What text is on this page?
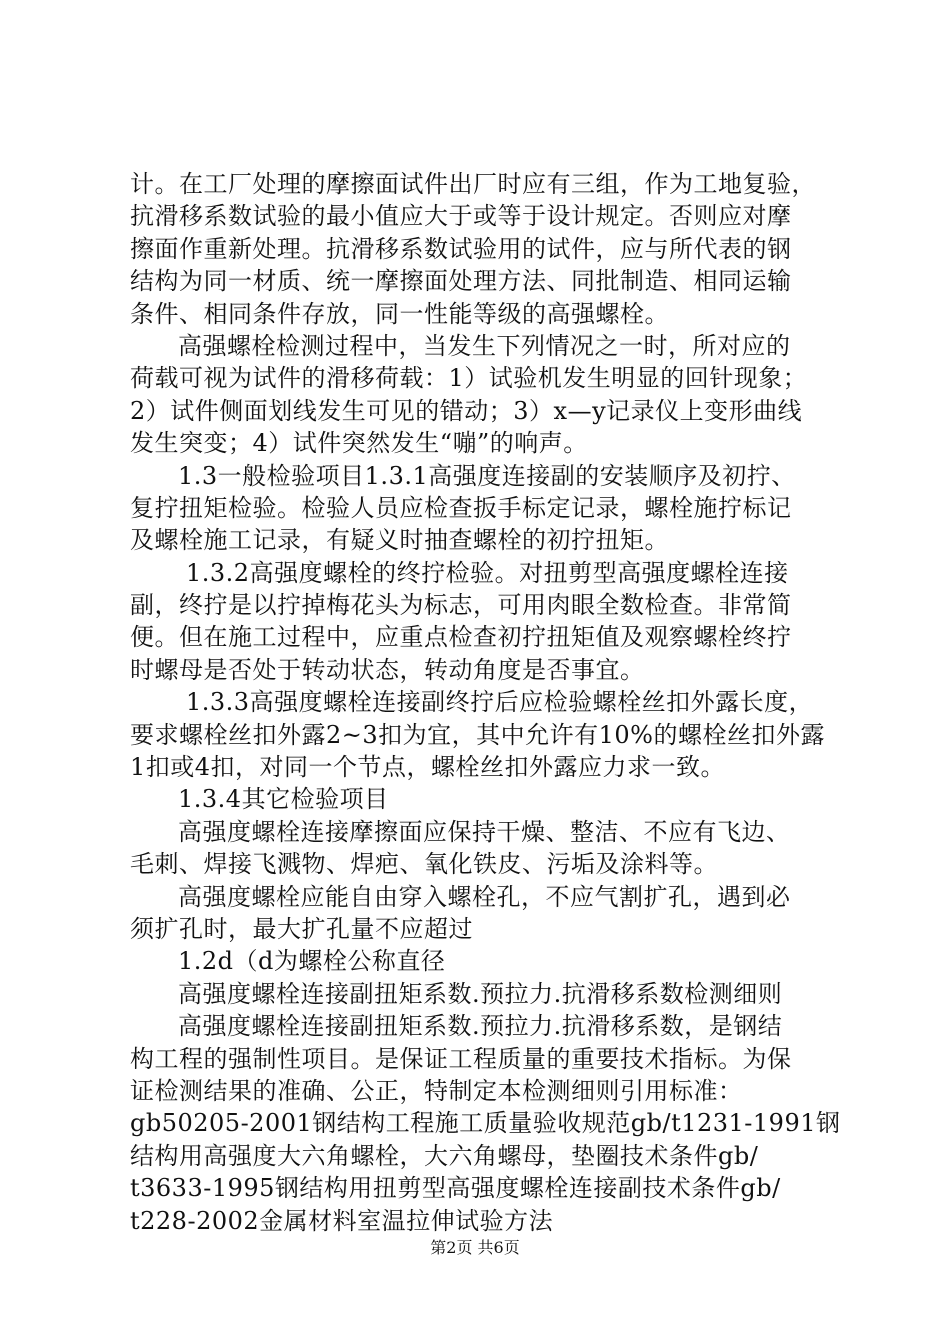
计。在工厂处理的摩擦面试件出厂时应有三组，作为工地复验，
抗滑移系数试验的最小值应大于或等于设计规定。否则应对摩
擦面作重新处理。抗滑移系数试验用的试件，应与所代表的钢
结构为同一材质、统一摩擦面处理方法、同批制造、相同运输
条件、相同条件存放，同一性能等级的高强螺栓。
高强螺栓检测过程中，当发生下列情况之一时，所对应的
荷载可视为试件的滑移荷载：1）试验机发生明显的回针现象；
2）试件侧面划线发生可见的错动；3）x—y记录仪上变形曲线
发生突变；4）试件突然发生“嘣”的响声。
1.3一般检验项目1.3.1高强度连接副的安装顺序及初拧、
复拧扭矩检验。检验人员应检查扳手标定记录，螺栓施拧标记
及螺栓施工记录，有疑义时抽查螺栓的初拧扭矩。
1.3.2高强度螺栓的终拧检验。对扭剪型高强度螺栓连接
副，终拧是以拧掉梅花头为标志，可用肉眼全数检查。非常简
便。但在施工过程中，应重点检查初拧扭矩值及观察螺栓终拧
时螺母是否处于转动状态，转动角度是否事宜。
1.3.3高强度螺栓连接副终拧后应检验螺栓丝扣外露长度，
要求螺栓丝扣外露2~3扣为宜，其中允许有10%的螺栓丝扣外露
1扣或4扣，对同一个节点，螺栓丝扣外露应力求一致。
1.3.4其它检验项目
高强度螺栓连接摩擦面应保持干燥、整洁、不应有飞边、
毛刺、焊接飞溅物、焊疤、氧化铁皮、污垢及涂料等。
高强度螺栓应能自由穿入螺栓孔，不应气割扩孔，遇到必
须扩孔时，最大扩孔量不应超过
1.2d（d为螺栓公称直径
高强度螺栓连接副扭矩系数.预拉力.抗滑移系数检测细则
高强度螺栓连接副扭矩系数.预拉力.抗滑移系数，是钢结
构工程的强制性项目。是保证工程质量的重要技术指标。为保
证检测结果的准确、公正，特制定本检测细则引用标准：
gb50205-2001钢结构工程施工质量验收规范gb/t1231-1991钢
结构用高强度大六角螺栓，大六角螺母，垫圈技术条件gb/
t3633-1995钢结构用扭剪型高强度螺栓连接副技术条件gb/
t228-2002金属材料室温拉伸试验方法
第2页 共6页
